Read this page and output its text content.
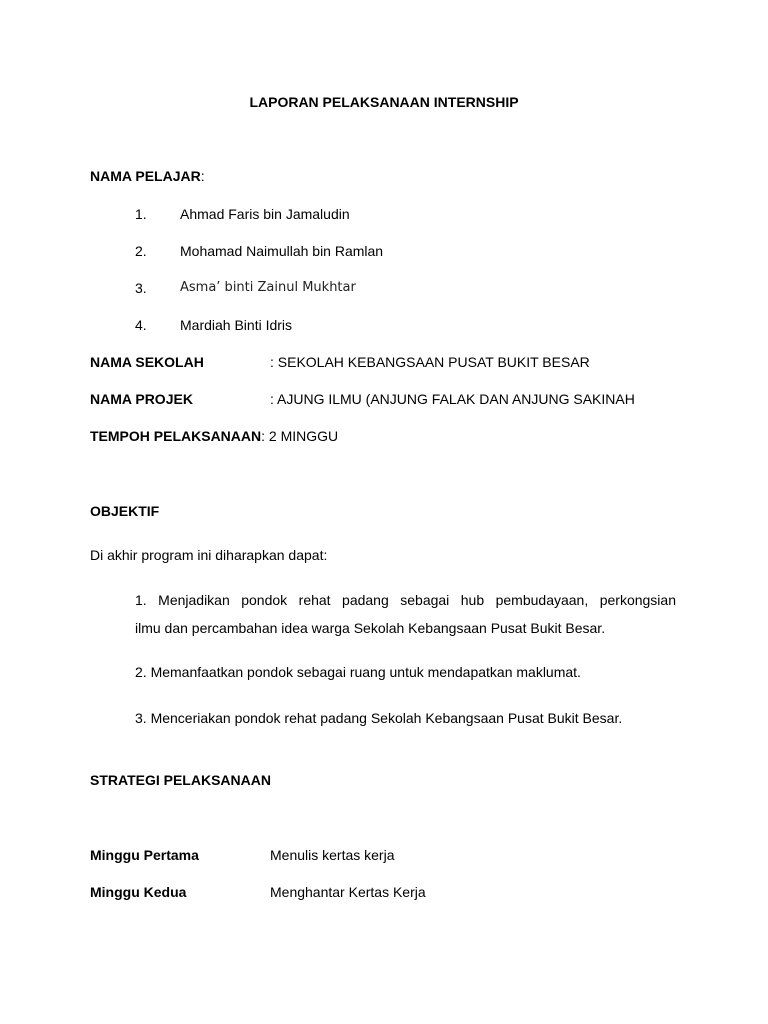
LAPORAN PELAKSANAAN INTERNSHIP
NAMA PELAJAR:
1. Ahmad Faris bin Jamaludin
2. Mohamad Naimullah bin Ramlan
3.	Asma’ binti Zainul Mukhtar
4. Mardiah Binti Idris
NAMA SEKOLAH	: SEKOLAH KEBANGSAAN PUSAT BUKIT BESAR
NAMA PROJEK	: AJUNG ILMU (ANJUNG FALAK DAN ANJUNG SAKINAH
TEMPOH PELAKSANAAN: 2 MINGGU
OBJEKTIF
Di akhir program ini diharapkan dapat:
1. Menjadikan pondok rehat padang sebagai hub pembudayaan, perkongsian
ilmu dan percambahan idea warga Sekolah Kebangsaan Pusat Bukit Besar.
2. Memanfaatkan pondok sebagai ruang untuk mendapatkan maklumat.
3. Menceriakan pondok rehat padang Sekolah Kebangsaan Pusat Bukit Besar.
STRATEGI PELAKSANAAN
Minggu Pertama	Menulis kertas kerja
Minggu Kedua	Menghantar Kertas Kerja
